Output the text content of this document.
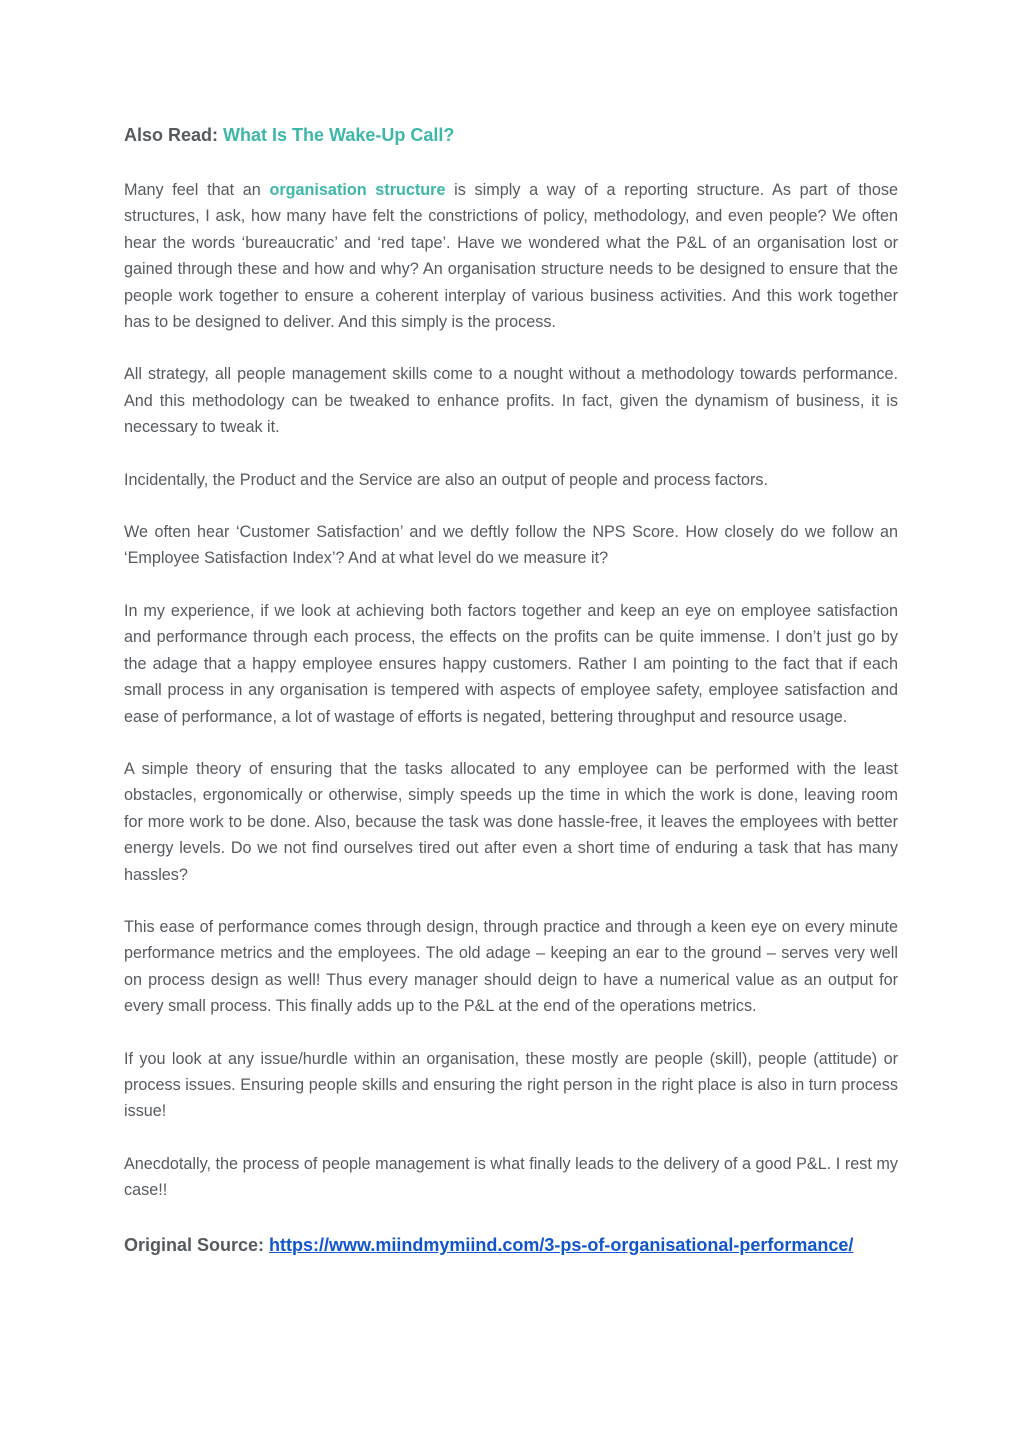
Also Read: What Is The Wake-Up Call?

Many feel that an organisation structure is simply a way of a reporting structure. As part of those structures, I ask, how many have felt the constrictions of policy, methodology, and even people? We often hear the words ‘bureaucratic’ and ‘red tape’. Have we wondered what the P&L of an organisation lost or gained through these and how and why? An organisation structure needs to be designed to ensure that the people work together to ensure a coherent interplay of various business activities. And this work together has to be designed to deliver. And this simply is the process.

All strategy, all people management skills come to a nought without a methodology towards performance. And this methodology can be tweaked to enhance profits. In fact, given the dynamism of business, it is necessary to tweak it.

Incidentally, the Product and the Service are also an output of people and process factors.

We often hear ‘Customer Satisfaction’ and we deftly follow the NPS Score. How closely do we follow an ‘Employee Satisfaction Index’? And at what level do we measure it?

In my experience, if we look at achieving both factors together and keep an eye on employee satisfaction and performance through each process, the effects on the profits can be quite immense. I don’t just go by the adage that a happy employee ensures happy customers. Rather I am pointing to the fact that if each small process in any organisation is tempered with aspects of employee safety, employee satisfaction and ease of performance, a lot of wastage of efforts is negated, bettering throughput and resource usage.

A simple theory of ensuring that the tasks allocated to any employee can be performed with the least obstacles, ergonomically or otherwise, simply speeds up the time in which the work is done, leaving room for more work to be done. Also, because the task was done hassle-free, it leaves the employees with better energy levels. Do we not find ourselves tired out after even a short time of enduring a task that has many hassles?

This ease of performance comes through design, through practice and through a keen eye on every minute performance metrics and the employees. The old adage – keeping an ear to the ground – serves very well on process design as well! Thus every manager should deign to have a numerical value as an output for every small process. This finally adds up to the P&L at the end of the operations metrics.

If you look at any issue/hurdle within an organisation, these mostly are people (skill), people (attitude) or process issues. Ensuring people skills and ensuring the right person in the right place is also in turn process issue!

Anecdotally, the process of people management is what finally leads to the delivery of a good P&L. I rest my case!!

Original Source: https://www.miindmymiind.com/3-ps-of-organisational-performance/
